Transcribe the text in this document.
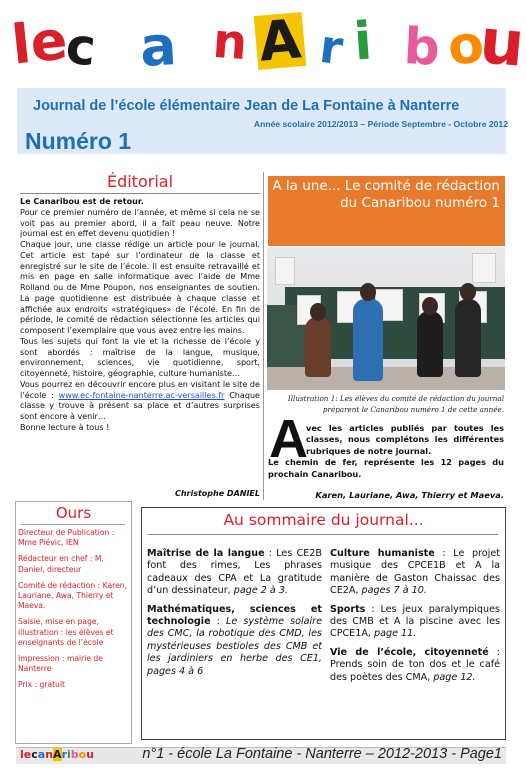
le
c a n A r i b o
u
Journal de l’école élémentaire Jean de La Fontaine à Nanterre
Numéro 1
Année scolaire 2012/2013 – Période Septembre - Octobre 2012
Éditorial

Le Canaribou est de retour.

Pour ce premier numéro de l’année, et même si cela ne se voit pas au premier abord, il a fait peau neuve. Notre journal est en effet devenu quotidien !

Chaque jour, une classe rédige un article pour le journal. Cet article est tapé sur l’ordinateur de la classe et enregistré sur le site de l’école. Il est ensuite retravaillé et mis en page en salle informatique avec l’aide de Mme Rolland ou de Mme Poupon, nos enseignantes de soutien. La page quotidienne est distribuée à chaque classe et affichée aux endroits «stratégiques» de l’école. En fin de période, le comité de rédaction sélectionne les articles qui composent l’exemplaire que vous avez entre les mains.

Tous les sujets qui font la vie et la richesse de l’école y sont abordés : maîtrise de la langue, musique, environnement, sciences, vie quotidienne, sport, citoyenneté, histoire, géographie, culture humaniste…

Vous pourrez en découvrir encore plus en visitant le site de l’école : www.ec-fontaine-nanterre.ac-versailles.fr Chaque classe y trouve à présent sa place et d’autres surprises sont encore à venir…

Bonne lecture à tous !

Christophe DANIEL
A la une... Le comité de rédaction du Canaribou numéro 1
Illustration 1: Les élèves du comité de rédaction du journal préparent le Canaribou numéro 1 de cette année.
A
vec les articles publiés par toutes les classes, nous complétons les différentes rubriques de notre journal.
Le chemin de fer, représente les 12 pages du prochain Canaribou.
Karen, Lauriane, Awa, Thierry et Maeva.
Ours

Directeur de Publication : Mme Piévic, IEN

Rédacteur en chef : M. Daniel, directeur

Comité de rédaction : Karen, Lauriane, Awa, Thierry et Maeva.

Saisie, mise en page, illustration : les élèves et enseignants de l’école

Impression : mairie de Nanterre

Prix : gratuit

Au sommaire du journal...

Maîtrise de la langue : Les CE2B font des rimes, Les phrases cadeaux des CPA et La gratitude d’un dessinateur, page 2 à 3.

Mathématiques, sciences et technologie : Le système solaire des CMC, la robotique des CMD, les mystérieuses bestioles des CMB et les jardiniers en herbe des CE1, pages 4 à 6

Culture humaniste : Le projet musique des CPCE1B et A la manière de Gaston Chaissac des CE2A, pages 7 à 10.

Sports : Les jeux paralympiques des CMB et A la piscine avec les CPCE1A, page 11.

Vie de l’école, citoyenneté : Prends soin de ton dos et le café des poètes des CMA, page 12.

lecanAribou	n°1 - école La Fontaine - Nanterre – 2012-2013 - Page1
